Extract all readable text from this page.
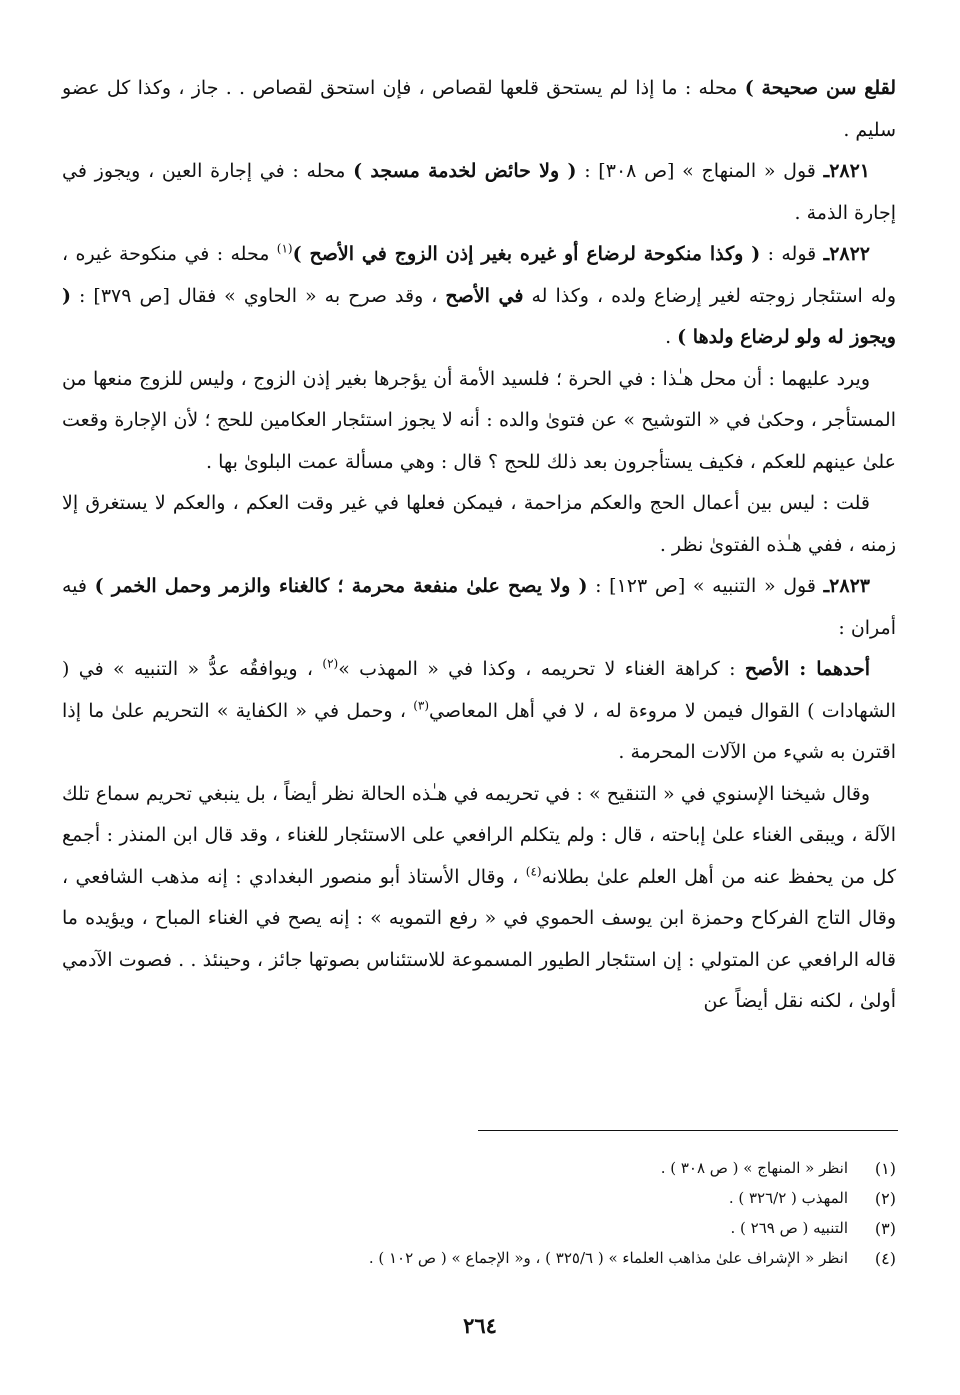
لقلع سن صحيحة ) محله : ما إذا لم يستحق قلعها لقصاص ، فإن استحق لقصاص . . جاز ، وكذا كل عضو سليم .

٢٨٢١ـ قول « المنهاج » [ص ٣٠٨] : ( ولا حائض لخدمة مسجد ) محله : في إجارة العين ، ويجوز في إجارة الذمة .

٢٨٢٢ـ قوله : ( وكذا منكوحة لرضاع أو غيره بغير إذن الزوج في الأصح )$^{(١)}$ محله : في منكوحة غيره ، وله استئجار زوجته لغير إرضاع ولده ، وكذا له في الأصح ، وقد صرح به « الحاوي » فقال [ص ٣٧٩] : ( ويجوز له ولو لرضاع ولدها ) .

ويرد عليهما : أن محل هـٰذا : في الحرة ؛ فلسيد الأمة أن يؤجرها بغير إذن الزوج ، وليس للزوج منعها من المستأجر ، وحكىٰ في « التوشيح » عن فتوىٰ والده : أنه لا يجوز استئجار العكامين للحج ؛ لأن الإجارة وقعت علىٰ عينهم للعكم ، فكيف يستأجرون بعد ذلك للحج ؟ قال : وهي مسألة عمت البلوىٰ بها .

قلت : ليس بين أعمال الحج والعكم مزاحمة ، فيمكن فعلها في غير وقت العكم ، والعكم لا يستغرق إلا زمنه ، ففي هـٰذه الفتوىٰ نظر .

٢٨٢٣ـ قول « التنبيه » [ص ١٢٣] : ( ولا يصح علىٰ منفعة محرمة ؛ كالغناء والزمر وحمل الخمر ) فيه أمران :

أحدهما : الأصح : كراهة الغناء لا تحريمه ، وكذا في « المهذب »$^{(٢)}$ ، ويوافقُه عدُّ « التنبيه » في ( الشهادات ) القوال فيمن لا مروءة له ، لا في أهل المعاصي$^{(٣)}$ ، وحمل في « الكفاية » التحريم علىٰ ما إذا اقترن به شيء من الآلات المحرمة .

وقال شيخنا الإسنوي في « التنقيح » : في تحريمه في هـٰذه الحالة نظر أيضاً ، بل ينبغي تحريم سماع تلك الآلة ، ويبقى الغناء علىٰ إباحته ، قال : ولم يتكلم الرافعي على الاستئجار للغناء ، وقد قال ابن المنذر : أجمع كل من يحفظ عنه من أهل العلم علىٰ بطلانه$^{(٤)}$ ، وقال الأستاذ أبو منصور البغدادي : إنه مذهب الشافعي ، وقال التاج الفركاح وحمزة ابن يوسف الحموي في « رفع التمويه » : إنه يصح في الغناء المباح ، ويؤيده ما قاله الرافعي عن المتولي : إن استئجار الطيور المسموعة للاستئناس بصوتها جائز ، وحينئذ . . فصوت الآدمي أولىٰ ، لكنه نقل أيضاً عن

(١)
انظر « المنهاج » ( ص ٣٠٨ ) .
(٢)
المهذب ( ٣٢٦/٢ ) .
(٣)
التنبيه ( ص ٢٦٩ ) .
(٤)
انظر « الإشراف علىٰ مذاهب العلماء » ( ٣٢٥/٦ ) ، و« الإجماع » ( ص ١٠٢ ) .
٢٦٤
